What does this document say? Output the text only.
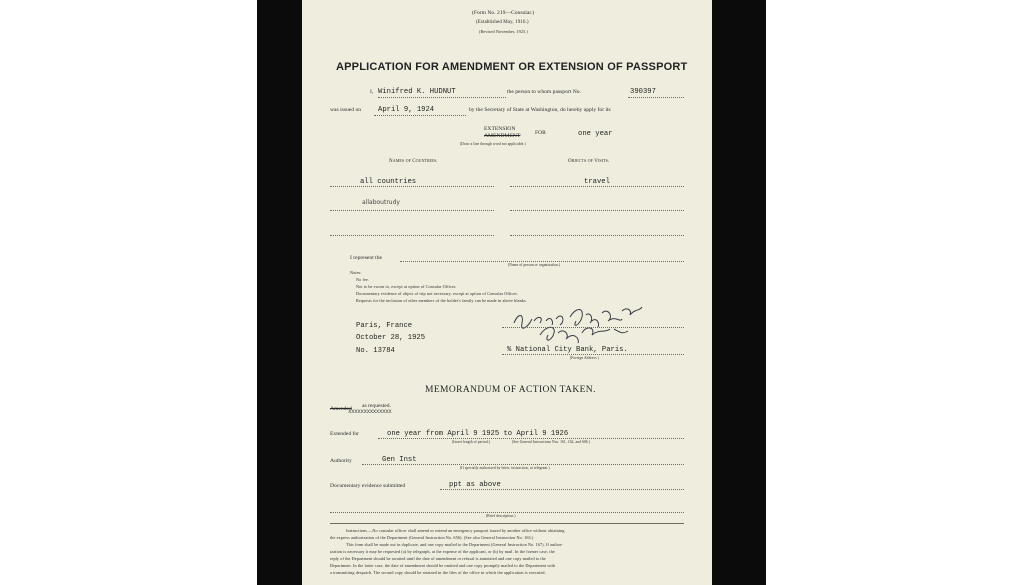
(Form No. 219—Consular.)
(Established May, 1916.)
(Revised November, 1923.)
APPLICATION FOR AMENDMENT OR EXTENSION OF PASSPORT
I, Winifred K. HUDNUT	the person to whom passport No.	390397
was issued on April 9, 1924	by the Secretary of State at Washington, do hereby apply for its
EXTENSION
AMENDMENT	FOR	one year
(Draw a line through word not applicable.)
Names of Countries.	Objects of Visits.
all countries	travel
allaboutrudy
I represent the
(Name of person or organization.)
Notes:
No fee.
Not to be sworn to, except at option of Consular Officer.
Documentary evidence of object of trip not necessary, except at option of Consular Officer.
Requests for the inclusion of other members of the holder's family can be made in above blanks.
Paris, France
October 28, 1925
No. 13784	% National City Bank, Paris.
(Foreign Address.)
MEMORANDUM OF ACTION TAKEN.
Amended as requested.
xxxxxxxxxxxxxx
Extended for	one year from April 9 1925 to April 9 1926
(Insert length of period.)	(See General Instructions Nos. 161, 162, and 606.)
Authority	Gen Inst
(If specially authorized by letter, instruction, or telegram.)
Documentary evidence submitted	ppt as above
(Brief description.)
Instructions.—No consular officer shall amend or extend an emergency passport issued by another office without obtaining
the express authorization of the Department (General Instruction No. 656). (See also General Instruction No. 163.)
This form shall be made out in duplicate, and one copy mailed to the Department (General Instruction No. 167). If author-
ization is necessary it may be requested (a) by telegraph, at the expense of the applicant, or (b) by mail. In the former case, the
reply of the Department should be awaited until the date of amendment or refusal is annotated and one copy mailed to the
Department. In the latter case, the date of amendment should be omitted and one copy promptly mailed to the Department with
a transmitting despatch. The second copy should be retained in the files of the office in which the application is executed.
